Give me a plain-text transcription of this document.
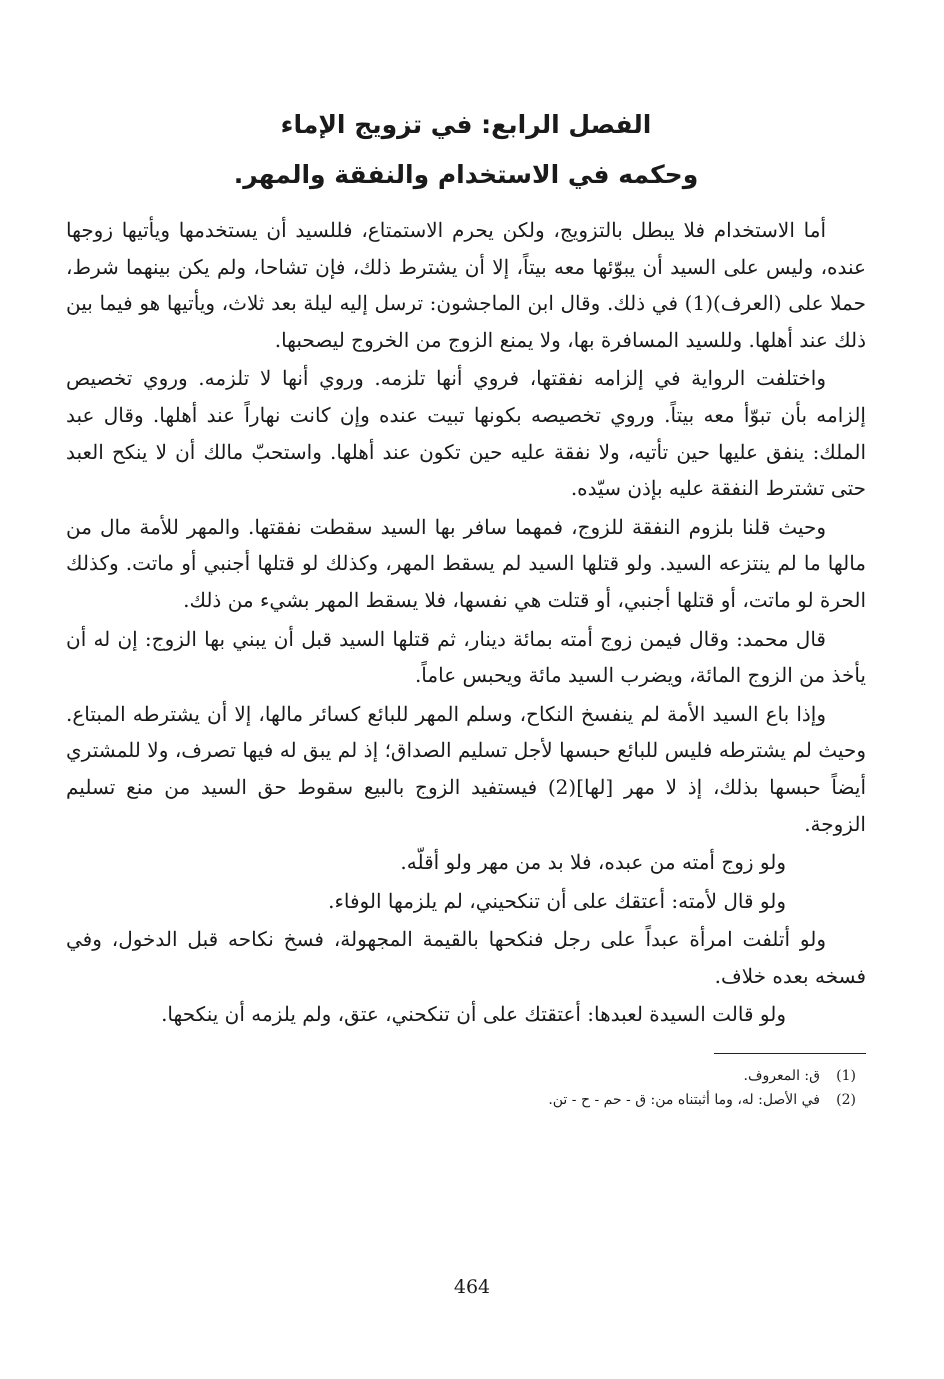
الفصل الرابع: في تزويج الإماء
وحكمه في الاستخدام والنفقة والمهر.

أما الاستخدام فلا يبطل بالتزويج، ولكن يحرم الاستمتاع، فللسيد أن يستخدمها ويأتيها زوجها عنده، وليس على السيد أن يبوّئها معه بيتاً، إلا أن يشترط ذلك، فإن تشاحا، ولم يكن بينهما شرط، حملا على (العرف)(1) في ذلك. وقال ابن الماجشون: ترسل إليه ليلة بعد ثلاث، ويأتيها هو فيما بين ذلك عند أهلها. وللسيد المسافرة بها، ولا يمنع الزوج من الخروج ليصحبها.

واختلفت الرواية في إلزامه نفقتها، فروي أنها تلزمه. وروي أنها لا تلزمه. وروي تخصيص إلزامه بأن تبوّأ معه بيتاً. وروي تخصيصه بكونها تبيت عنده وإن كانت نهاراً عند أهلها. وقال عبد الملك: ينفق عليها حين تأتيه، ولا نفقة عليه حين تكون عند أهلها. واستحبّ مالك أن لا ينكح العبد حتى تشترط النفقة عليه بإذن سيّده.

وحيث قلنا بلزوم النفقة للزوج، فمهما سافر بها السيد سقطت نفقتها. والمهر للأمة مال من مالها ما لم ينتزعه السيد. ولو قتلها السيد لم يسقط المهر، وكذلك لو قتلها أجنبي أو ماتت. وكذلك الحرة لو ماتت، أو قتلها أجنبي، أو قتلت هي نفسها، فلا يسقط المهر بشيء من ذلك.

قال محمد: وقال فيمن زوج أمته بمائة دينار، ثم قتلها السيد قبل أن يبني بها الزوج: إن له أن يأخذ من الزوج المائة، ويضرب السيد مائة ويحبس عاماً.

وإذا باع السيد الأمة لم ينفسخ النكاح، وسلم المهر للبائع كسائر مالها، إلا أن يشترطه المبتاع. وحيث لم يشترطه فليس للبائع حبسها لأجل تسليم الصداق؛ إذ لم يبق له فيها تصرف، ولا للمشتري أيضاً حبسها بذلك، إذ لا مهر [لها](2) فيستفيد الزوج بالبيع سقوط حق السيد من منع تسليم الزوجة.

ولو زوج أمته من عبده، فلا بد من مهر ولو أقلّه.

ولو قال لأمته: أعتقك على أن تنكحيني، لم يلزمها الوفاء.

ولو أتلفت امرأة عبداً على رجل فنكحها بالقيمة المجهولة، فسخ نكاحه قبل الدخول، وفي فسخه بعده خلاف.

ولو قالت السيدة لعبدها: أعتقتك على أن تنكحني، عتق، ولم يلزمه أن ينكحها.

(1)ق: المعروف.

(2)في الأصل: له، وما أثبتناه من: ق - حم - ح - تن.

464
